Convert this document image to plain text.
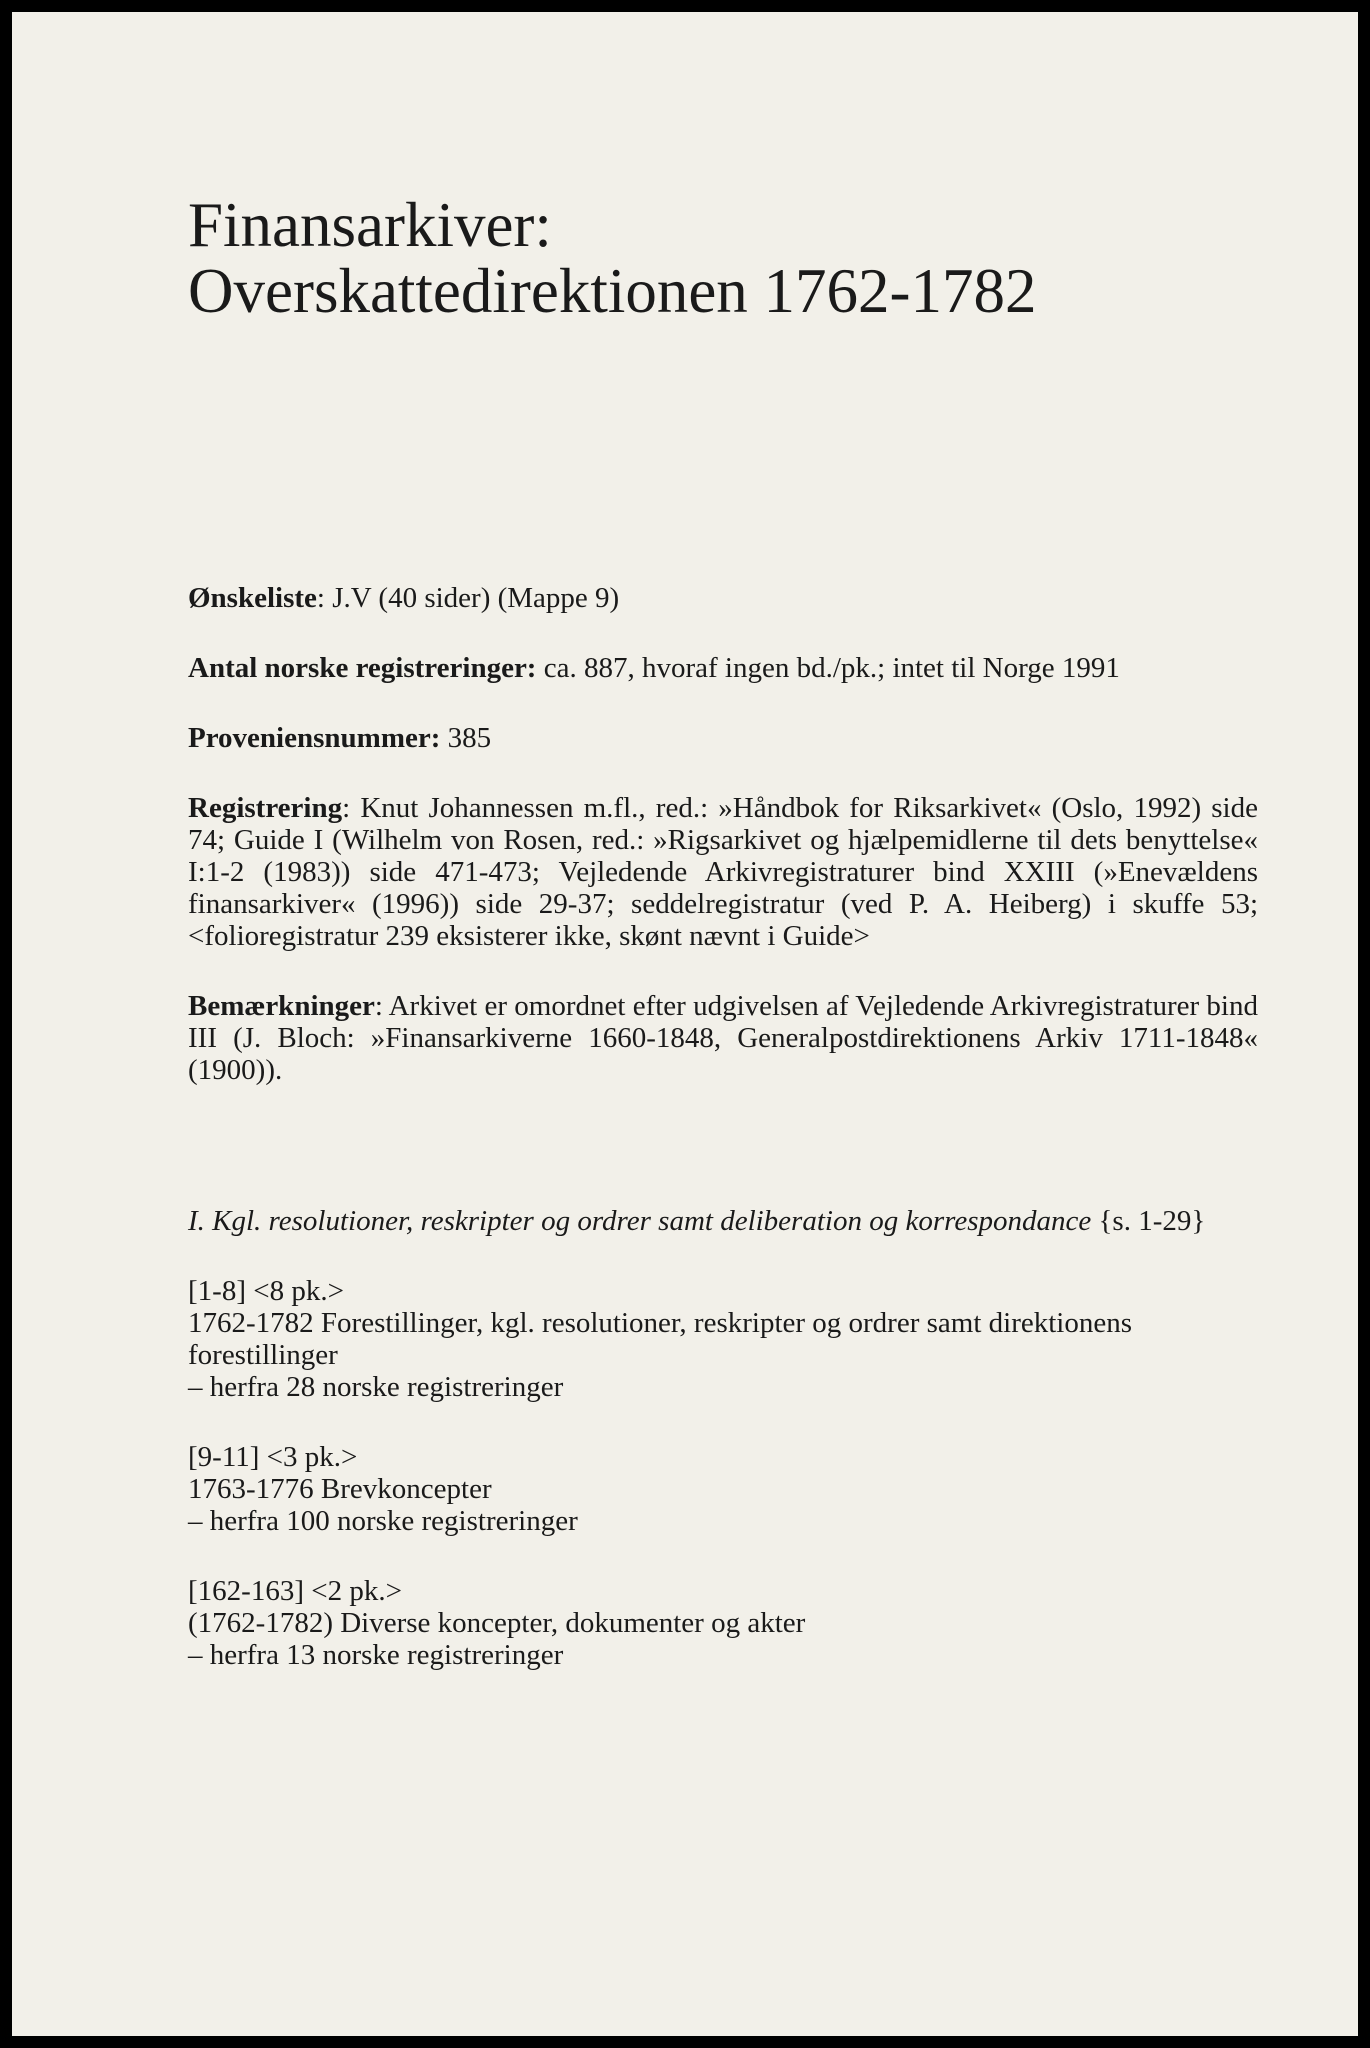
Finansarkiver:
Overskattedirektionen 1762-1782

Ønskeliste: J.V (40 sider) (Mappe 9)

Antal norske registreringer: ca. 887, hvoraf ingen bd./pk.; intet til Norge 1991

Proveniensnummer: 385

Registrering: Knut Johannessen m.fl., red.: »Håndbok for Riksarkivet« (Oslo, 1992) side 74; Guide I (Wilhelm von Rosen, red.: »Rigsarkivet og hjælpemidlerne til dets benyttelse« I:1-2 (1983)) side 471-473; Vejledende Arkivregistraturer bind XXIII (»Enevældens finansarkiver« (1996)) side 29-37; seddelregistratur (ved P. A. Heiberg) i skuffe 53; <folioregistratur 239 eksisterer ikke, skønt nævnt i Guide>

Bemærkninger: Arkivet er omordnet efter udgivelsen af Vejledende Arkivregistraturer bind III (J. Bloch: »Finansarkiverne 1660-1848, Generalpostdirektionens Arkiv 1711-1848« (1900)).

I. Kgl. resolutioner, reskripter og ordrer samt deliberation og korrespondance {s. 1-29}
[1-8] <8 pk.>
1762-1782 Forestillinger, kgl. resolutioner, reskripter og ordrer samt direktionens forestillinger
– herfra 28 norske registreringer
[9-11] <3 pk.>
1763-1776 Brevkoncepter
– herfra 100 norske registreringer
[162-163] <2 pk.>
(1762-1782) Diverse koncepter, dokumenter og akter
– herfra 13 norske registreringer
